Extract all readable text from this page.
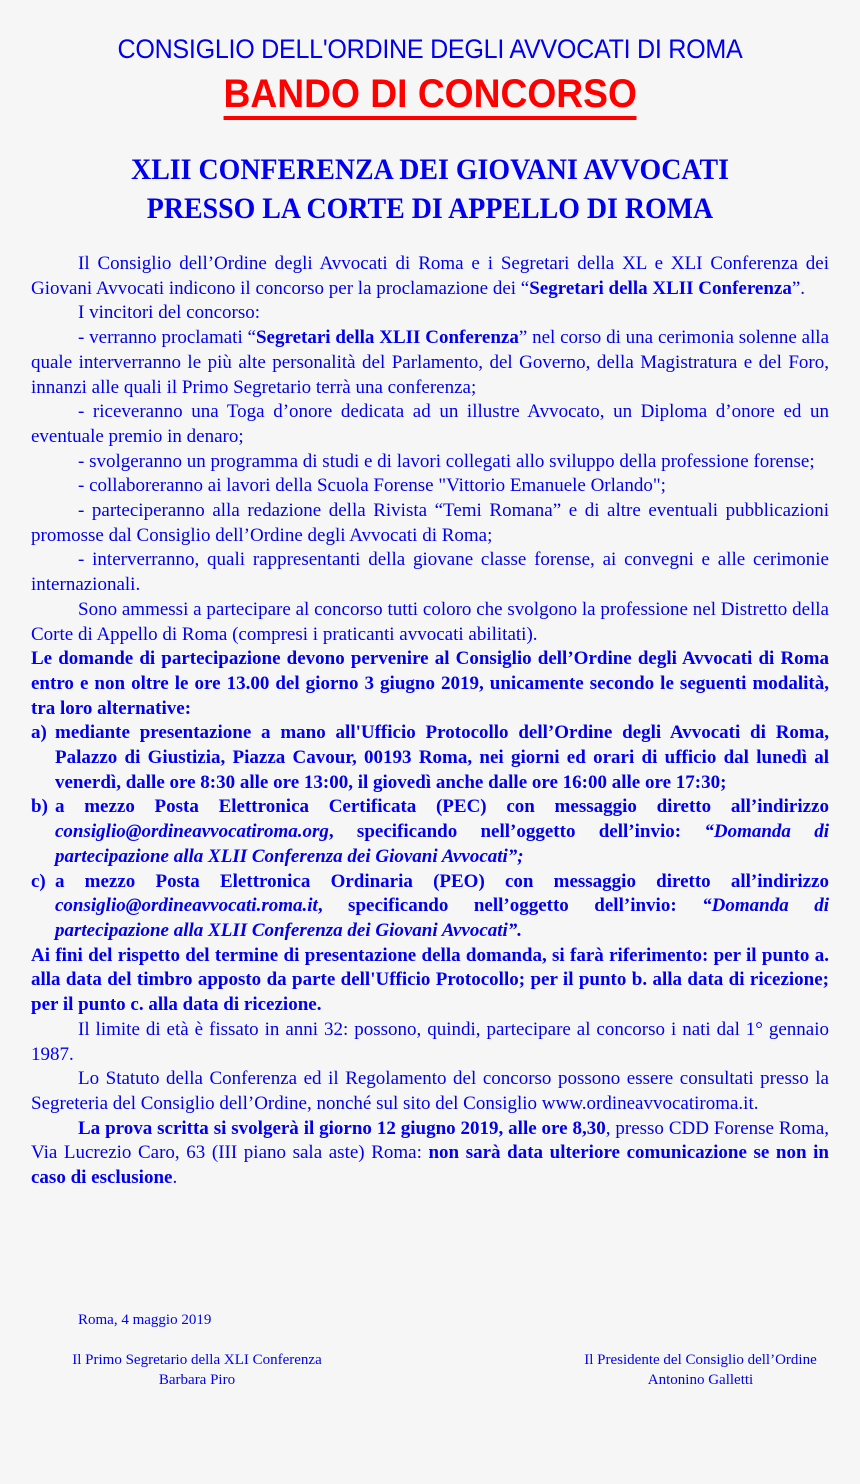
CONSIGLIO DELL'ORDINE DEGLI AVVOCATI DI ROMA
BANDO DI CONCORSO
XLII CONFERENZA DEI GIOVANI AVVOCATI
PRESSO LA CORTE DI APPELLO DI ROMA

Il Consiglio dell’Ordine degli Avvocati di Roma e i Segretari della XL e XLI Conferenza dei Giovani Avvocati indicono il concorso per la proclamazione dei “Segretari della XLII Conferenza”.

I vincitori del concorso:

- verranno proclamati “Segretari della XLII Conferenza” nel corso di una cerimonia solenne alla quale interverranno le più alte personalità del Parlamento, del Governo, della Magistratura e del Foro, innanzi alle quali il Primo Segretario terrà una conferenza;

- riceveranno una Toga d’onore dedicata ad un illustre Avvocato, un Diploma d’onore ed un eventuale premio in denaro;

- svolgeranno un programma di studi e di lavori collegati allo sviluppo della professione forense;

- collaboreranno ai lavori della Scuola Forense "Vittorio Emanuele Orlando";

- parteciperanno alla redazione della Rivista “Temi Romana” e di altre eventuali pubblicazioni promosse dal Consiglio dell’Ordine degli Avvocati di Roma;

- interverranno, quali rappresentanti della giovane classe forense, ai convegni e alle cerimonie internazionali.

Sono ammessi a partecipare al concorso tutti coloro che svolgono la professione nel Distretto della Corte di Appello di Roma (compresi i praticanti avvocati abilitati).

Le domande di partecipazione devono pervenire al Consiglio dell’Ordine degli Avvocati di Roma entro e non oltre le ore 13.00 del giorno 3 giugno 2019, unicamente secondo le seguenti modalità, tra loro alternative:

a) mediante presentazione a mano all'Ufficio Protocollo dell’Ordine degli Avvocati di Roma, Palazzo di Giustizia, Piazza Cavour, 00193 Roma, nei giorni ed orari di ufficio dal lunedì al venerdì, dalle ore 8:30 alle ore 13:00, il giovedì anche dalle ore 16:00 alle ore 17:30;
b) a mezzo Posta Elettronica Certificata (PEC) con messaggio diretto all’indirizzo consiglio@ordineavvocatiroma.org, specificando nell’oggetto dell’invio: “Domanda di partecipazione alla XLII Conferenza dei Giovani Avvocati”;
c) a mezzo Posta Elettronica Ordinaria (PEO) con messaggio diretto all’indirizzo consiglio@ordineavvocati.roma.it, specificando nell’oggetto dell’invio: “Domanda di partecipazione alla XLII Conferenza dei Giovani Avvocati”.

Ai fini del rispetto del termine di presentazione della domanda, si farà riferimento: per il punto a. alla data del timbro apposto da parte dell'Ufficio Protocollo; per il punto b. alla data di ricezione; per il punto c. alla data di ricezione.

Il limite di età è fissato in anni 32: possono, quindi, partecipare al concorso i nati dal 1° gennaio 1987.

Lo Statuto della Conferenza ed il Regolamento del concorso possono essere consultati presso la Segreteria del Consiglio dell’Ordine, nonché sul sito del Consiglio www.ordineavvocatiroma.it.

La prova scritta si svolgerà il giorno 12 giugno 2019, alle ore 8,30, presso CDD Forense Roma, Via Lucrezio Caro, 63 (III piano sala aste) Roma: non sarà data ulteriore comunicazione se non in caso di esclusione.

Roma, 4 maggio 2019
Il Primo Segretario della XLI Conferenza
Barbara Piro
Il Presidente del Consiglio dell’Ordine
Antonino Galletti
